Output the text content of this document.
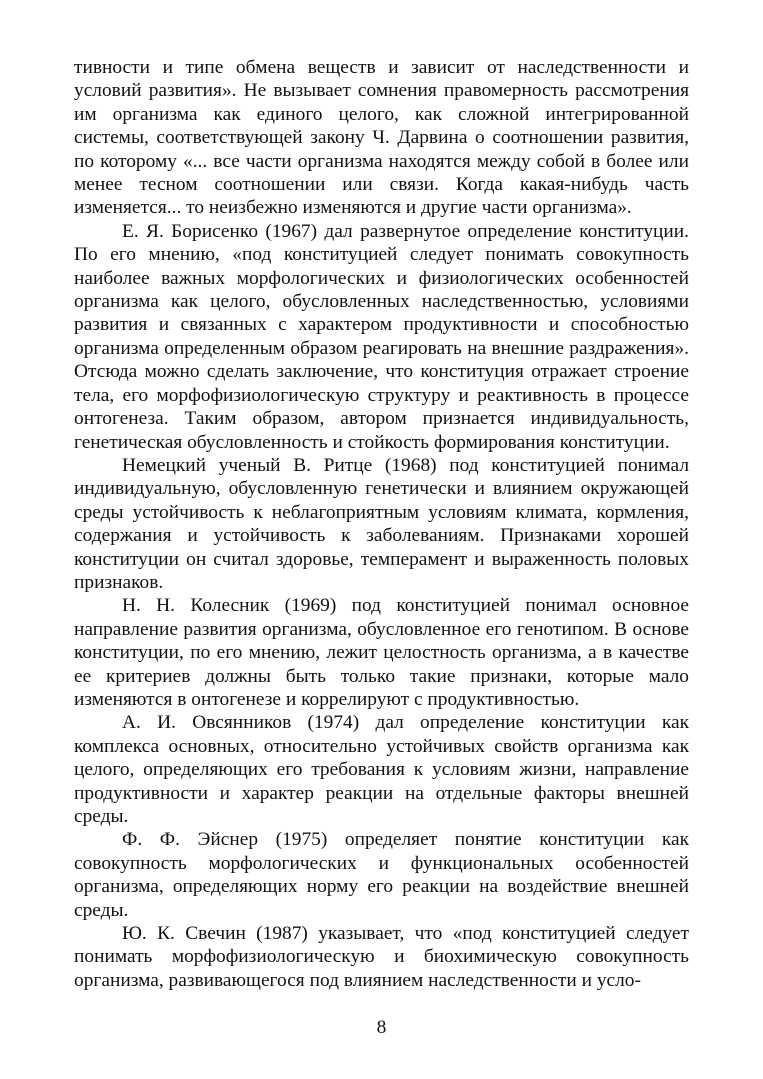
тивности и типе обмена веществ и зависит от наследственности и условий развития». Не вызывает сомнения правомерность рассмотрения им организма как единого целого, как сложной интегрированной системы, соответствующей закону Ч. Дарвина о соотношении развития, по которому «... все части организма находятся между собой в более или менее тесном соотношении или связи. Когда какая-нибудь часть изменяется... то неизбежно изменяются и другие части организма».

Е. Я. Борисенко (1967) дал развернутое определение конституции. По его мнению, «под конституцией следует понимать совокупность наиболее важных морфологических и физиологических особенностей организма как целого, обусловленных наследственностью, условиями развития и связанных с характером продуктивности и способностью организма определенным образом реагировать на внешние раздражения». Отсюда можно сделать заключение, что конституция отражает строение тела, его морфофизиологическую структуру и реактивность в процессе онтогенеза. Таким образом, автором признается индивидуальность, генетическая обусловленность и стойкость формирования конституции.

Немецкий ученый В. Ритце (1968) под конституцией понимал индивидуальную, обусловленную генетически и влиянием окружающей среды устойчивость к неблагоприятным условиям климата, кормления, содержания и устойчивость к заболеваниям. Признаками хорошей конституции он считал здоровье, темперамент и выраженность половых признаков.

Н. Н. Колесник (1969) под конституцией понимал основное направление развития организма, обусловленное его генотипом. В основе конституции, по его мнению, лежит целостность организма, а в качестве ее критериев должны быть только такие признаки, которые мало изменяются в онтогенезе и коррелируют с продуктивностью.

А. И. Овсянников (1974) дал определение конституции как комплекса основных, относительно устойчивых свойств организма как целого, определяющих его требования к условиям жизни, направление продуктивности и характер реакции на отдельные факторы внешней среды.

Ф. Ф. Эйснер (1975) определяет понятие конституции как совокупность морфологических и функциональных особенностей организма, определяющих норму его реакции на воздействие внешней среды.

Ю. К. Свечин (1987) указывает, что «под конституцией следует понимать морфофизиологическую и биохимическую совокупность организма, развивающегося под влиянием наследственности и усло-

8
